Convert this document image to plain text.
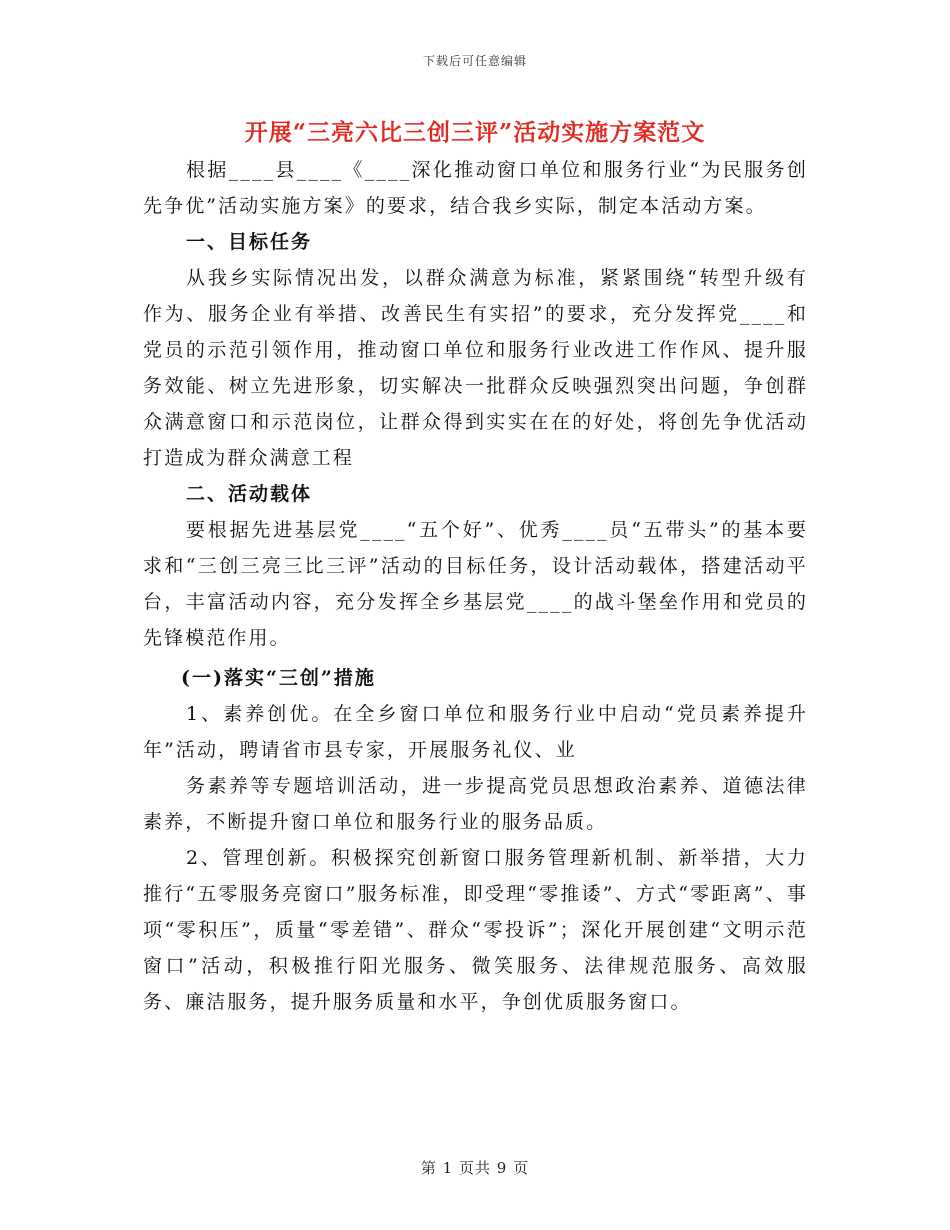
下载后可任意编辑
开展“三亮六比三创三评”活动实施方案范文

根据____县____《____深化推动窗口单位和服务行业“为民服务创先争优”活动实施方案》的要求，结合我乡实际，制定本活动方案。

一、目标任务

从我乡实际情况出发，以群众满意为标准，紧紧围绕“转型升级有作为、服务企业有举措、改善民生有实招”的要求，充分发挥党____和党员的示范引领作用，推动窗口单位和服务行业改进工作作风、提升服务效能、树立先进形象，切实解决一批群众反映强烈突出问题，争创群众满意窗口和示范岗位，让群众得到实实在在的好处，将创先争优活动打造成为群众满意工程

二、活动载体

要根据先进基层党____“五个好”、优秀____员“五带头”的基本要求和“三创三亮三比三评”活动的目标任务，设计活动载体，搭建活动平台，丰富活动内容，充分发挥全乡基层党____的战斗堡垒作用和党员的先锋模范作用。

(一)落实“三创”措施

1、素养创优。在全乡窗口单位和服务行业中启动“党员素养提升年”活动，聘请省市县专家，开展服务礼仪、业

务素养等专题培训活动，进一步提高党员思想政治素养、道德法律素养，不断提升窗口单位和服务行业的服务品质。

2、管理创新。积极探究创新窗口服务管理新机制、新举措，大力推行“五零服务亮窗口”服务标准，即受理“零推诿”、方式“零距离”、事项“零积压”，质量“零差错”、群众“零投诉”；深化开展创建“文明示范窗口”活动，积极推行阳光服务、微笑服务、法律规范服务、高效服务、廉洁服务，提升服务质量和水平，争创优质服务窗口。

第 1 页共 9 页
